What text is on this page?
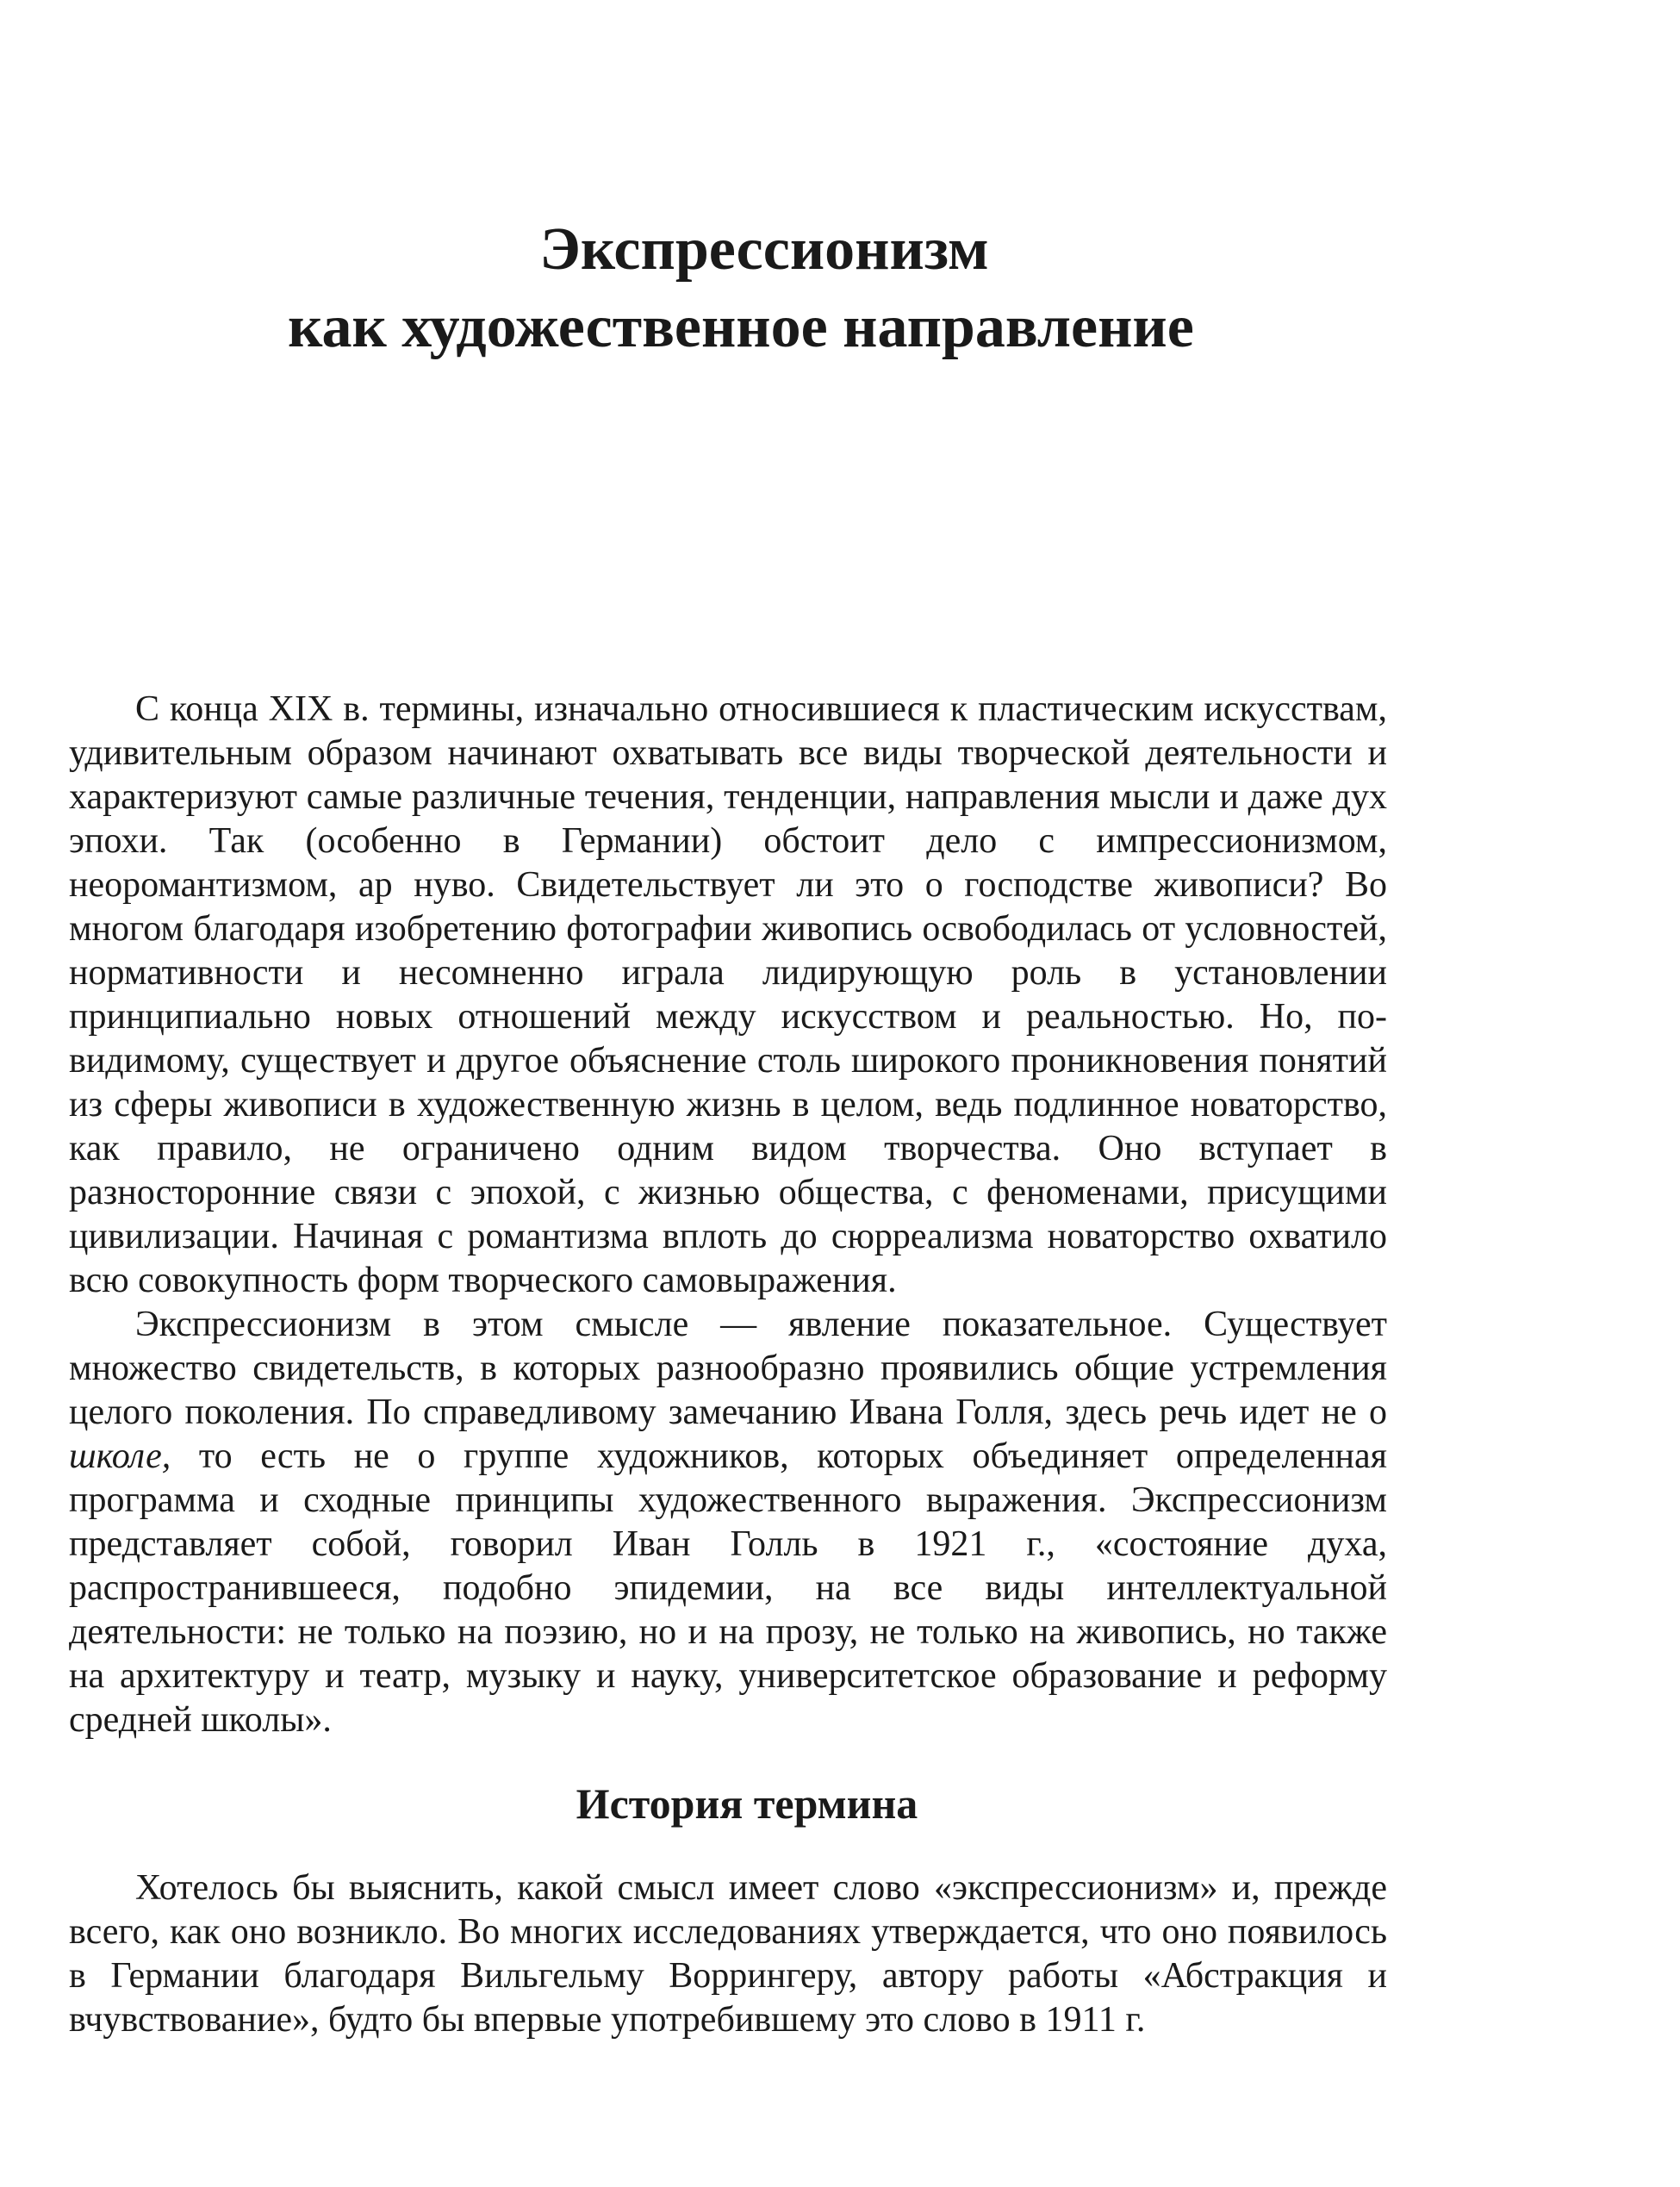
Экспрессионизм
как художественное направление

С конца XIX в. термины, изначально относившиеся к пластическим искусствам, удивительным образом начинают охватывать все виды творческой деятельности и характеризуют самые различные течения, тенденции, направления мысли и даже дух эпохи. Так (особенно в Германии) обстоит дело с импрессионизмом, неоромантизмом, ар нуво. Свидетельствует ли это о господстве живописи? Во многом благодаря изобретению фотографии живопись освободилась от условностей, нормативности и несомненно играла лидирующую роль в установлении принципиально новых отношений между искусством и реальностью. Но, по-видимому, существует и другое объяснение столь широкого проникновения понятий из сферы живописи в художественную жизнь в целом, ведь подлинное новаторство, как правило, не ограничено одним видом творчества. Оно вступает в разносторонние связи с эпохой, с жизнью общества, с феноменами, присущими цивилизации. Начиная с романтизма вплоть до сюрреализма новаторство охватило всю совокупность форм творческого самовыражения.

Экспрессионизм в этом смысле — явление показательное. Существует множество свидетельств, в которых разнообразно проявились общие устремления целого поколения. По справедливому замечанию Ивана Голля, здесь речь идет не о школе, то есть не о группе художников, которых объединяет определенная программа и сходные принципы художественного выражения. Экспрессионизм представляет собой, говорил Иван Голль в 1921 г., «состояние духа, распространившееся, подобно эпидемии, на все виды интеллектуальной деятельности: не только на поэзию, но и на прозу, не только на живопись, но также на архитектуру и театр, музыку и науку, университетское образование и реформу средней школы».

История термина

Хотелось бы выяснить, какой смысл имеет слово «экспрессионизм» и, прежде всего, как оно возникло. Во многих исследованиях утверждается, что оно появилось в Германии благодаря Вильгельму Воррингеру, автору работы «Абстракция и вчувствование», будто бы впервые употребившему это слово в 1911 г.
